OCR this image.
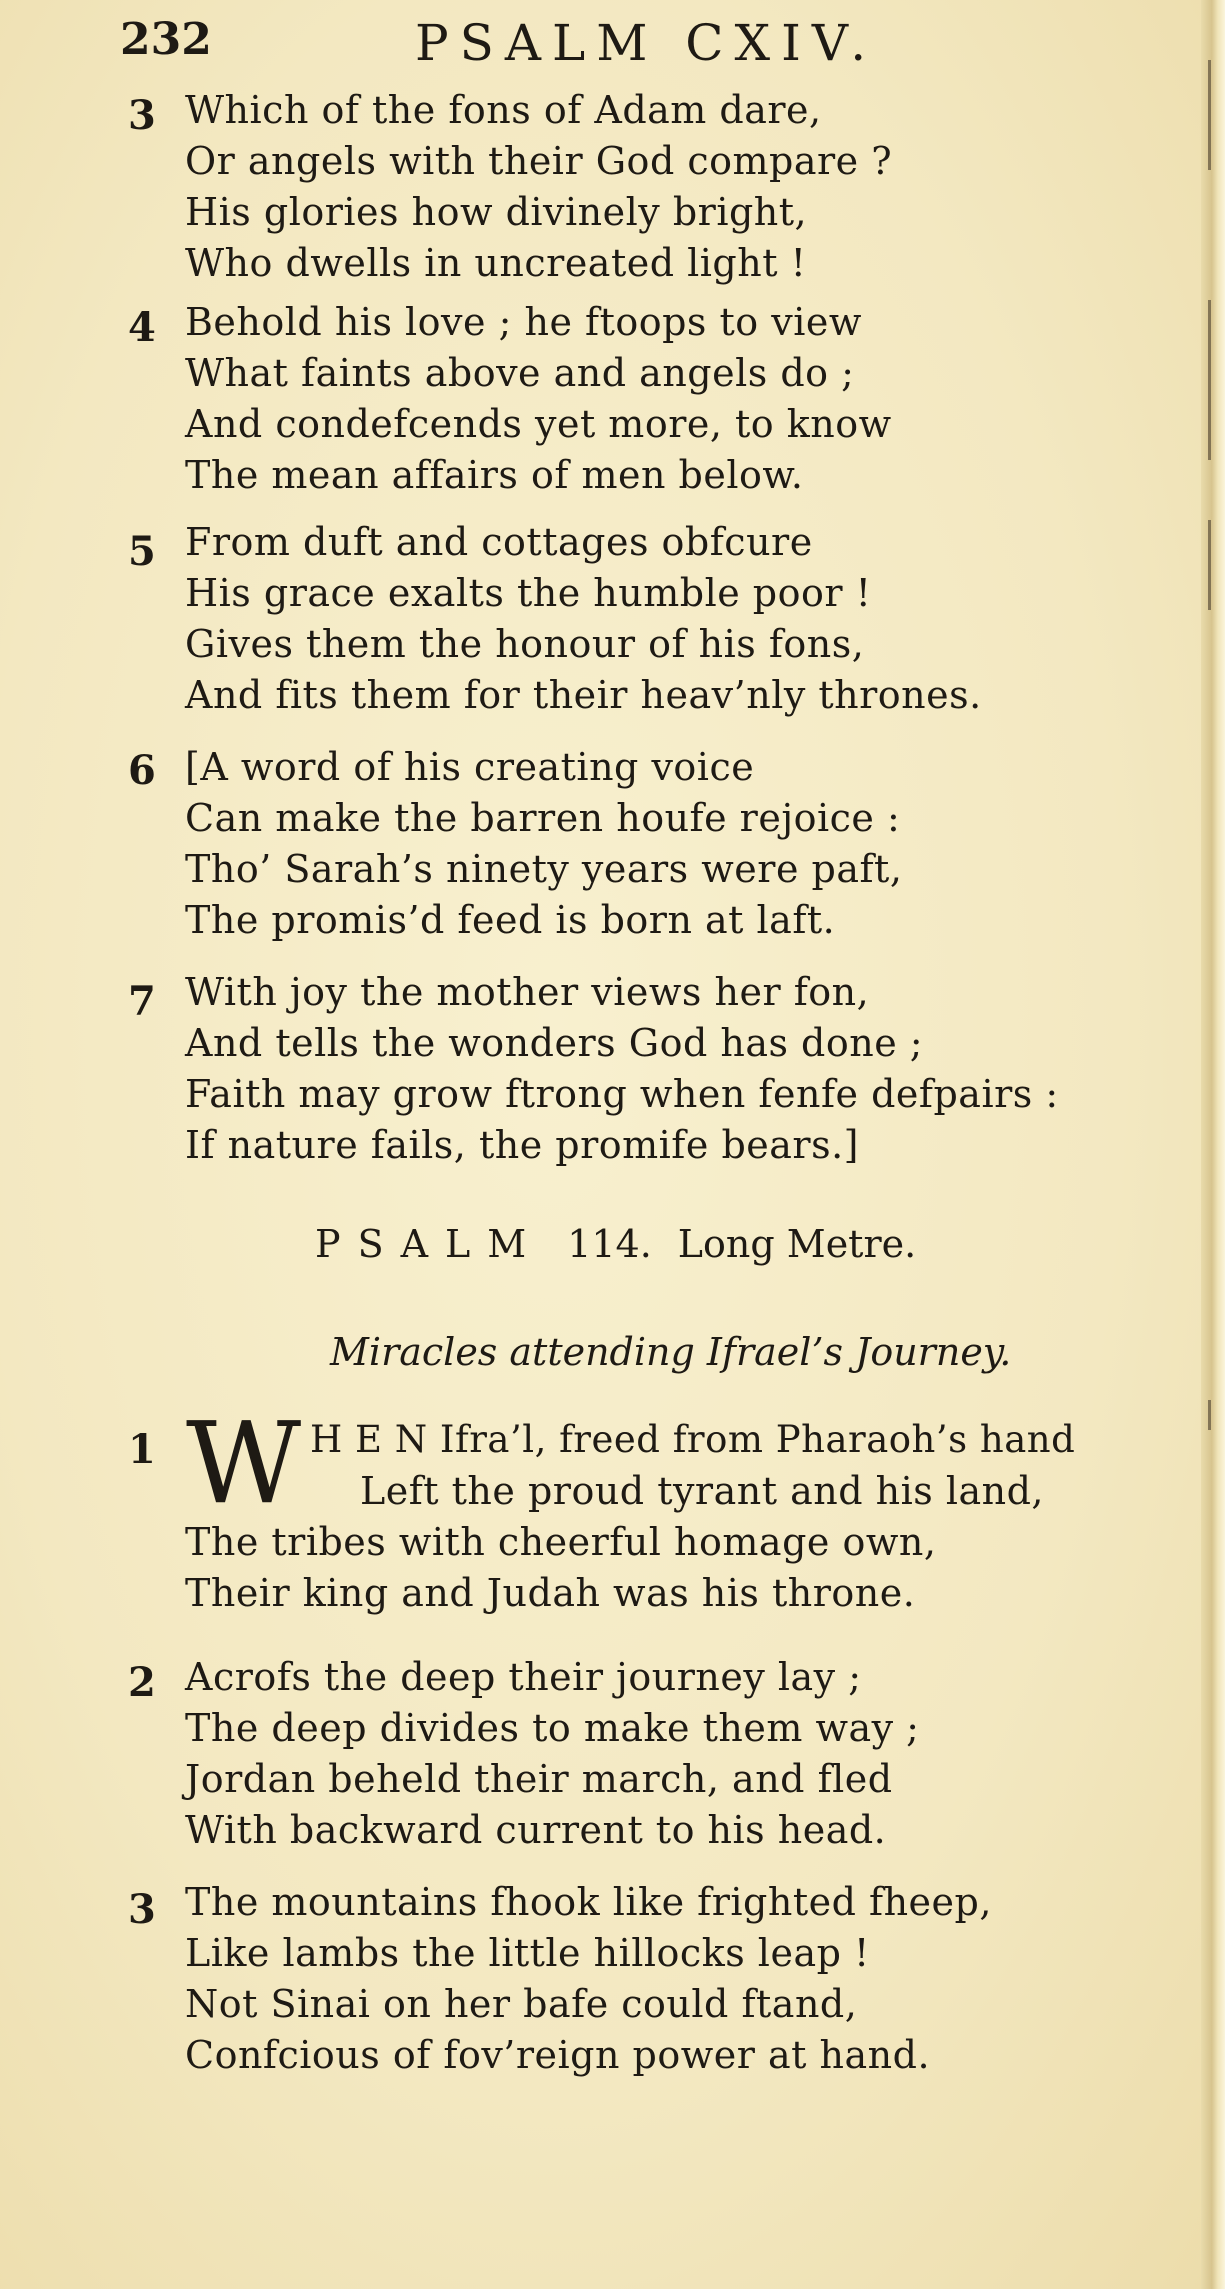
232	PSALM CXIV.
3 Which of the fons of Adam dare,
Or angels with their God compare ?
His glories how divinely bright,
Who dwells in uncreated light !
4 Behold his love ; he ftoops to view
What faints above and angels do ;
And condefcends yet more, to know
The mean affairs of men below.
5 From duft and cottages obfcure
His grace exalts the humble poor !
Gives them the honour of his fons,
And fits them for their heav’nly thrones.
6 [A word of his creating voice
Can make the barren houfe rejoice :
Tho’ Sarah’s ninety years were paft,
The promis’d feed is born at laft.
7 With joy the mother views her fon,
And tells the wonders God has done ;
Faith may grow ftrong when fenfe defpairs :
If nature fails, the promife bears.]
PSALM 114. Long Metre.
Miracles attending Ifrael’s Journey.
W
1	H E N Ifra’l, freed from Pharaoh’s hand
Left the proud tyrant and his land,
The tribes with cheerful homage own,
Their king and Judah was his throne.
2 Acrofs the deep their journey lay ;
The deep divides to make them way ;
Jordan beheld their march, and fled
With backward current to his head.
3 The mountains fhook like frighted fheep,
Like lambs the little hillocks leap !
Not Sinai on her bafe could ftand,
Confcious of fov’reign power at hand.
